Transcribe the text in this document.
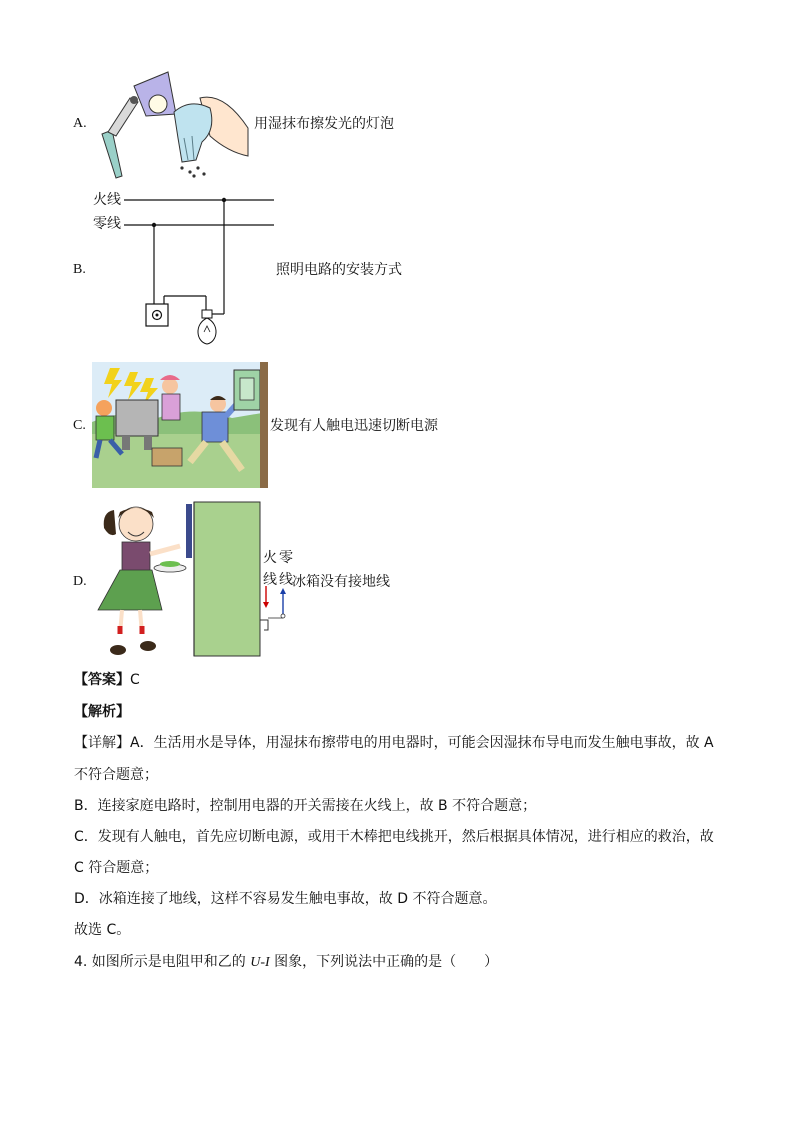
A.	用湿抹布擦发光的灯泡
火线
零线
B.	照明电路的安装方式
C.	发现有人触电迅速切断电源
D.
火 零
线 线 冰箱没有接地线
【答案】C
【解析】
【详解】A．生活用水是导体，用湿抹布擦带电的用电器时，可能会因湿抹布导电而发生触电事故，故 A
不符合题意；
B．连接家庭电路时，控制用电器的开关需接在火线上，故 B 不符合题意；
C．发现有人触电，首先应切断电源，或用干木棒把电线挑开，然后根据具体情况，进行相应的救治，故
C 符合题意；
D．冰箱连接了地线，这样不容易发生触电事故，故 D 不符合题意。
故选 C。
4. 如图所示是电阻甲和乙的 U-I 图象，下列说法中正确的是（　　）
